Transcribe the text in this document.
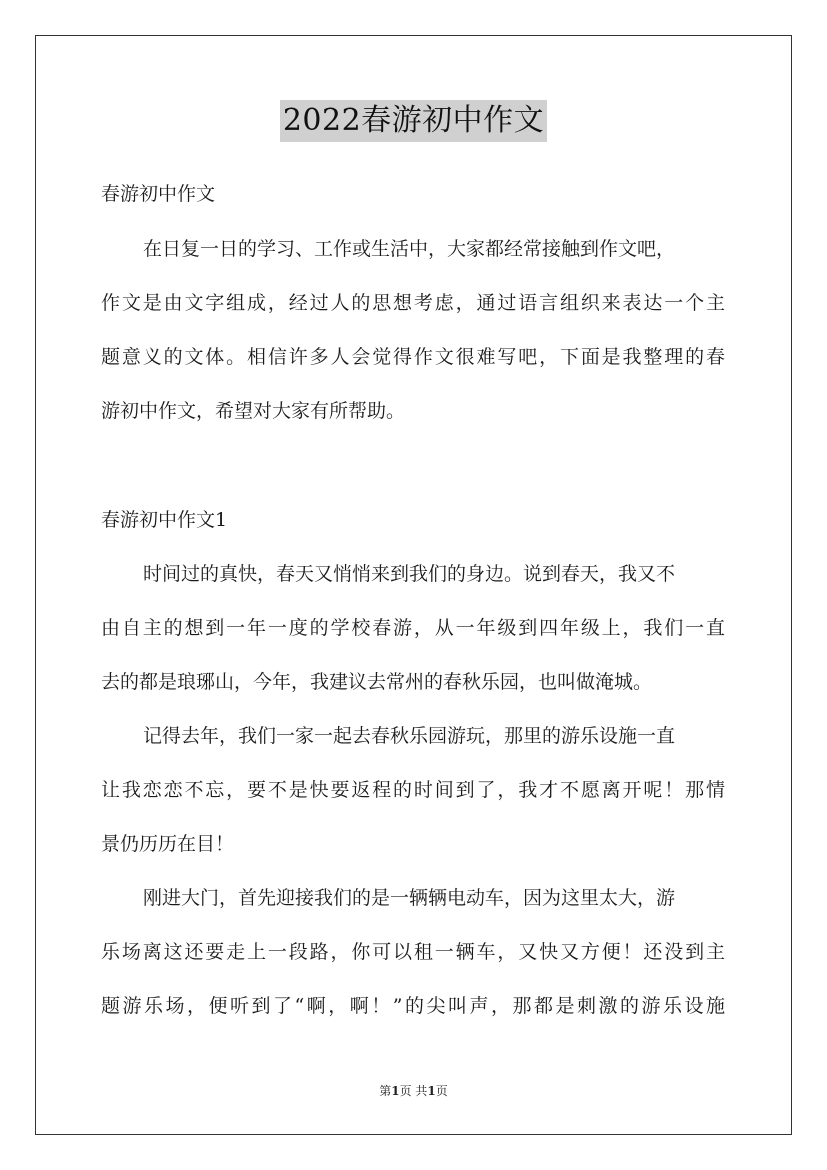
2022春游初中作文
春游初中作文
在日复一日的学习、工作或生活中，大家都经常接触到作文吧，
作文是由文字组成，经过人的思想考虑，通过语言组织来表达一个主
题意义的文体。相信许多人会觉得作文很难写吧，下面是我整理的春
游初中作文，希望对大家有所帮助。
春游初中作文1
时间过的真快，春天又悄悄来到我们的身边。说到春天，我又不
由自主的想到一年一度的学校春游，从一年级到四年级上，我们一直
去的都是琅琊山，今年，我建议去常州的春秋乐园，也叫做淹城。
记得去年，我们一家一起去春秋乐园游玩，那里的游乐设施一直
让我恋恋不忘，要不是快要返程的时间到了，我才不愿离开呢！那情
景仍历历在目！
刚进大门，首先迎接我们的是一辆辆电动车，因为这里太大，游
乐场离这还要走上一段路，你可以租一辆车，又快又方便！还没到主
题游乐场，便听到了“啊，啊！”的尖叫声，那都是刺激的游乐设施
第1页 共1页
